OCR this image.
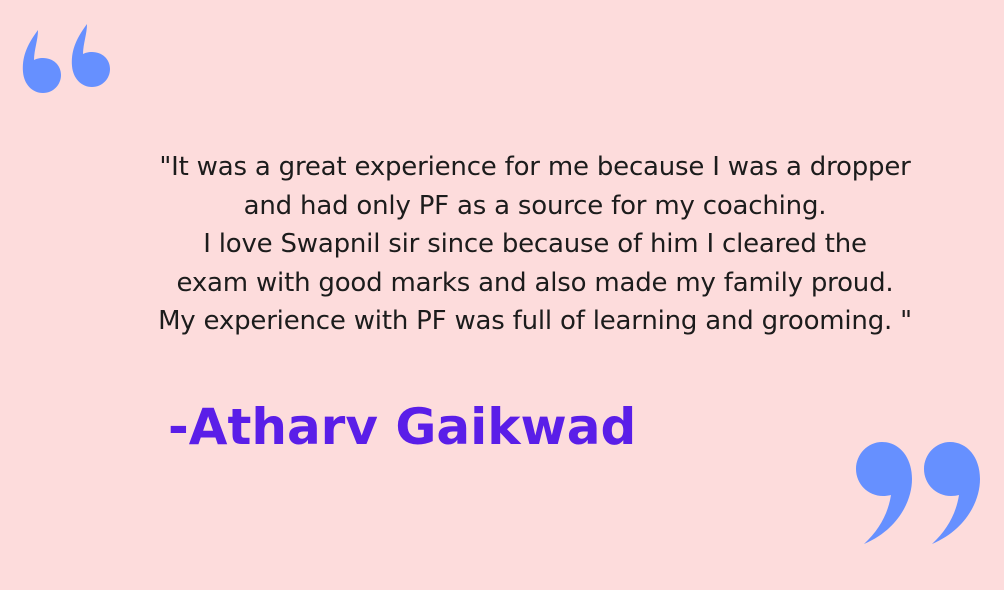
"It was a great experience for me because I was a dropper
and had only PF as a source for my coaching.
I love Swapnil sir since because of him I cleared the
exam with good marks and also made my family proud.
My experience with PF was full of learning and grooming. "

-Atharv Gaikwad
